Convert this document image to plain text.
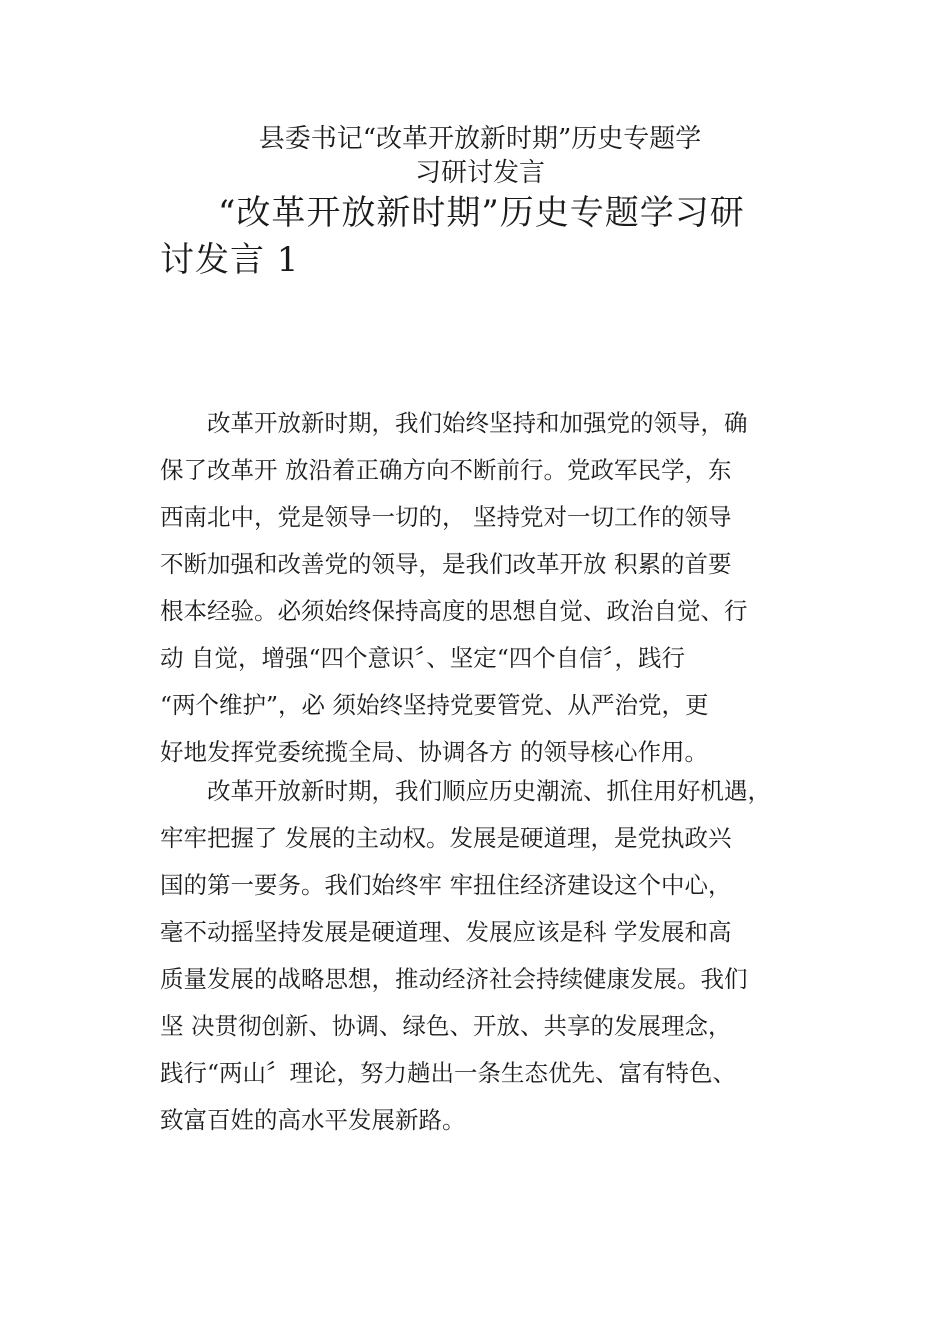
县委书记“改革开放新时期”历史专题学
习研讨发言
“改革开放新时期”历史专题学习研
讨发言 1
改革开放新时期，我们始终坚持和加强党的领导，确
保了改革开 放沿着正确方向不断前行。党政军民学，东
西南北中，党是领导一切的， 坚持党对一切工作的领导
不断加强和改善党的领导，是我们改革开放 积累的首要
根本经验。必须始终保持高度的思想自觉、政治自觉、行
动 自觉，增强“四个意识〞、坚定“四个自信〞，践行
“两个维护”，必 须始终坚持党要管党、从严治党，更
好地发挥党委统揽全局、协调各方 的领导核心作用。
改革开放新时期，我们顺应历史潮流、抓住用好机遇，
牢牢把握了 发展的主动权。发展是硬道理，是党执政兴
国的第一要务。我们始终牢 牢扭住经济建设这个中心，
毫不动摇坚持发展是硬道理、发展应该是科 学发展和高
质量发展的战略思想，推动经济社会持续健康发展。我们
坚 决贯彻创新、协调、绿色、开放、共享的发展理念，
践行“两山〞理论，努力趟出一条生态优先、富有特色、
致富百姓的高水平发展新路。
